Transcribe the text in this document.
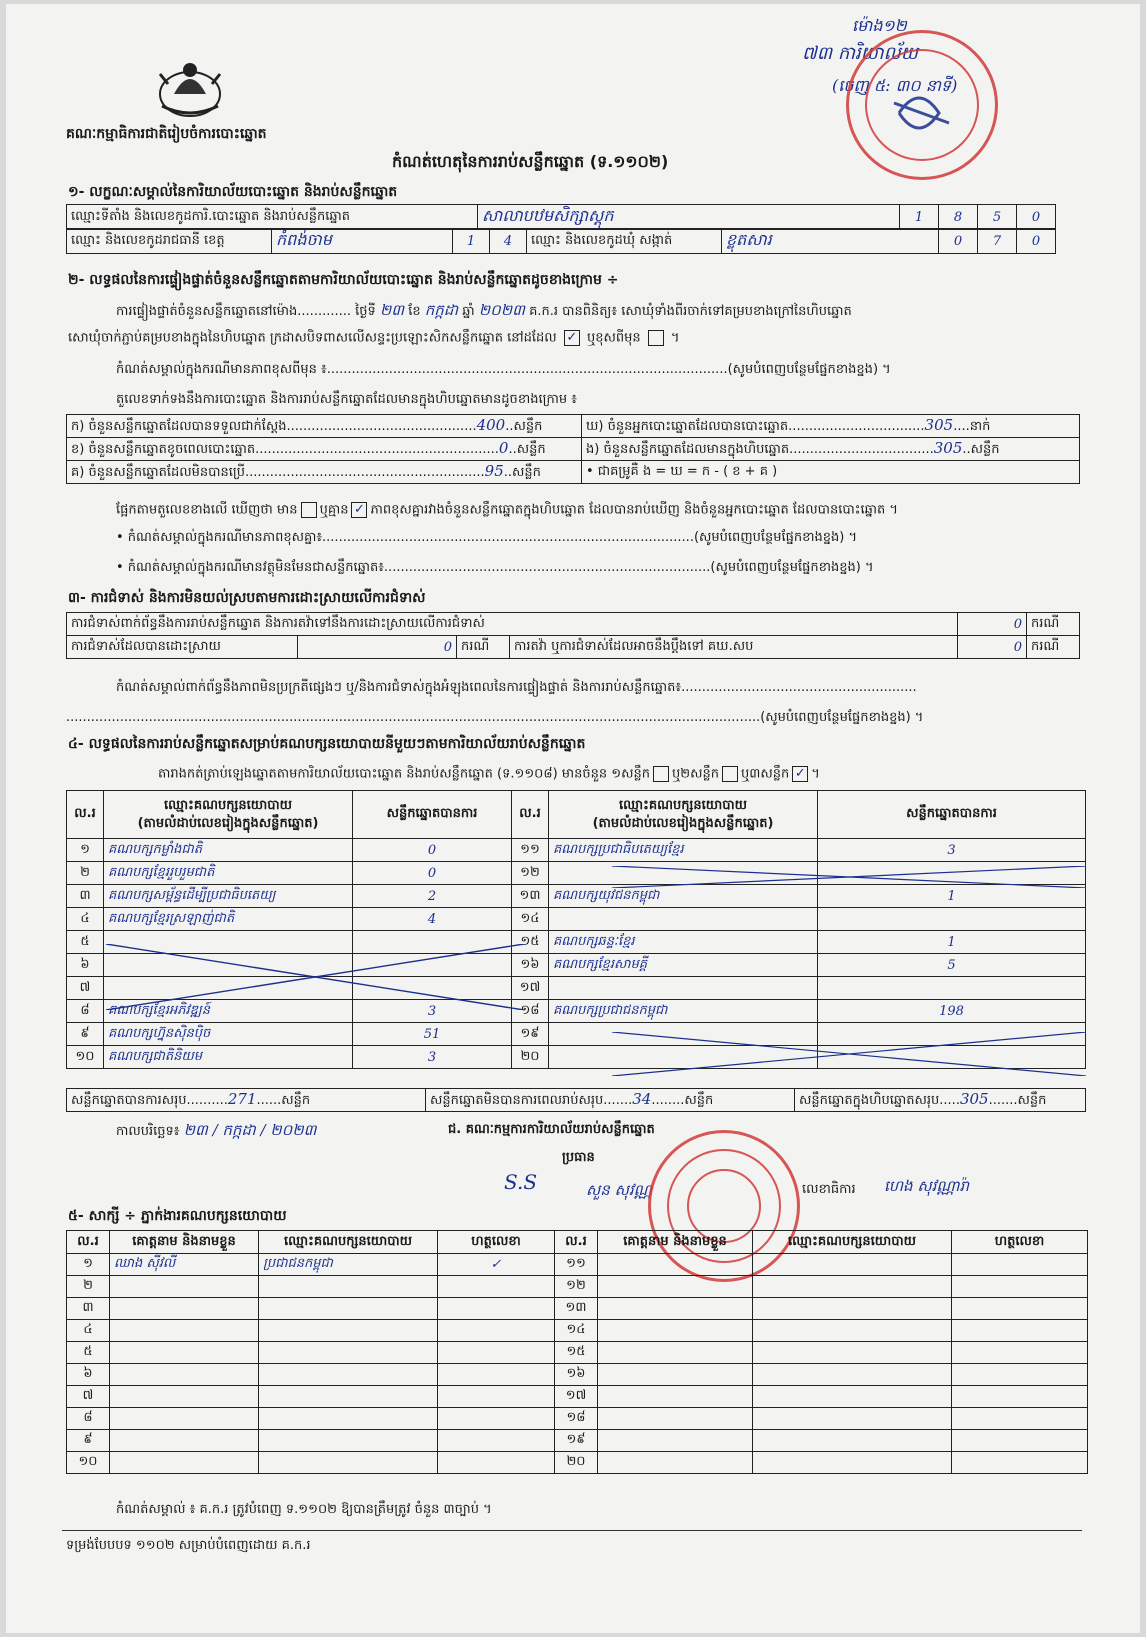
គណៈកម្មាធិការជាតិរៀបចំការបោះឆ្នោត
កំណត់ហេតុនៃការរាប់សន្លឹកឆ្នោត (ទ.១១០២)
ម៉ោង១២
៧៣ ការិយាល័យ
(ចេញ ៥: ៣០ នាទី)
១- លក្ខណៈសម្គាល់នៃការិយាល័យបោះឆ្នោត និងរាប់សន្លឹកឆ្នោត
ឈ្មោះទីតាំង និងលេខកូដការិ.បោះឆ្នោត និងរាប់សន្លឹកឆ្នោត	សាលាបឋមសិក្សាស្តុក	1	8	5	0
ឈ្មោះ និងលេខកូដរាជធានី ខេត្ត	កំពង់ចាម	1	4	ឈ្មោះ និងលេខកូដឃុំ សង្កាត់	ខ្លុតសារ	0	7	0
២- លទ្ធផលនៃការផ្ទៀងផ្ទាត់ចំនួនសន្លឹកឆ្នោតតាមការិយាល័យបោះឆ្នោត និងរាប់សន្លឹកឆ្នោតដូចខាងក្រោម ÷
ការផ្ទៀងផ្ទាត់ចំនួនសន្លឹកឆ្នោតនៅម៉ោង............. ថ្ងៃទី ២៣ ខែ កក្កដា ឆ្នាំ ២០២៣ គ.ក.រ បានពិនិត្យ៖ សោឃុំទាំងពីរចាក់ទៅគម្របខាងក្រៅនៃហិបឆ្នោត
សោឃុំចាក់ភ្ជាប់គម្របខាងក្នុងនៃហិបឆ្នោត ក្រដាសបិទពាសលើសន្ទះប្រឡោះសិកសន្លឹកឆ្នោត នៅដដែល ✓ ឬខុសពីមុន ។
កំណត់សម្គាល់ក្នុងករណីមានភាពខុសពីមុន ៖.................................................................................................(សូមបំពេញបន្ថែមផ្នែកខាងខ្នង) ។
តួលេខទាក់ទងនឹងការបោះឆ្នោត និងការរាប់សន្លឹកឆ្នោតដែលមានក្នុងហិបឆ្នោតមានដូចខាងក្រោម ៖
ក) ចំនួនសន្លឹកឆ្នោតដែលបានទទួលជាក់ស្តែង..............................................400..សន្លឹក	ឃ) ចំនួនអ្នកបោះឆ្នោតដែលបានបោះឆ្នោត.................................305....នាក់
ខ) ចំនួនសន្លឹកឆ្នោតខូចពេលបោះឆ្នោត...........................................................0..សន្លឹក	ង) ចំនួនសន្លឹកឆ្នោតដែលមានក្នុងហិបឆ្នោត...................................305..សន្លឹក
គ) ចំនួនសន្លឹកឆ្នោតដែលមិនបានប្រើ..........................................................95..សន្លឹក	• ជាគម្រូគឺ ង = ឃ = ក - ( ខ + គ )
ផ្អែកតាមតួលេខខាងលើ ឃើញថា មាន ឬគ្មាន ✓ ភាពខុសគ្នារវាងចំនួនសន្លឹកឆ្នោតក្នុងហិបឆ្នោត ដែលបានរាប់ឃើញ និងចំនួនអ្នកបោះឆ្នោត ដែលបានបោះឆ្នោត ។
• កំណត់សម្គាល់ក្នុងករណីមានភាពខុសគ្នា៖..........................................................................................(សូមបំពេញបន្ថែមផ្នែកខាងខ្នង) ។
• កំណត់សម្គាល់ក្នុងករណីមានវត្ថុមិនមែនជាសន្លឹកឆ្នោត៖...............................................................................(សូមបំពេញបន្ថែមផ្នែកខាងខ្នង) ។
៣- ការជំទាស់ និងការមិនយល់ស្របតាមការដោះស្រាយលើការជំទាស់
ការជំទាស់ពាក់ព័ន្ធនឹងការរាប់សន្លឹកឆ្នោត និងការតវ៉ាទៅនឹងការដោះស្រាយលើការជំទាស់				0	ករណី
ការជំទាស់ដែលបានដោះស្រាយ	0	ករណី	ការតវ៉ា ឬការជំទាស់ដែលអាចនឹងប្តឹងទៅ គឃ.សប	0	ករណី
កំណត់សម្គាល់ពាក់ព័ន្ធនឹងភាពមិនប្រក្រតីផ្សេងៗ ឬ/និងការជំទាស់ក្នុងអំឡុងពេលនៃការផ្ទៀងផ្ទាត់ និងការរាប់សន្លឹកឆ្នោត៖.........................................................
........................................................................................................................................................................(សូមបំពេញបន្ថែមផ្នែកខាងខ្នង) ។
៤- លទ្ធផលនៃការរាប់សន្លឹកឆ្នោតសម្រាប់គណបក្សនយោបាយនីមួយៗតាមការិយាល័យរាប់សន្លឹកឆ្នោត
តារាងកត់ត្រាប់ឡេងឆ្នោតតាមការិយាល័យបោះឆ្នោត និងរាប់សន្លឹកឆ្នោត (ទ.១១០៨) មានចំនួន ១សន្លឹក ឬ២សន្លឹក ឬ៣សន្លឹក ✓ ។
ល.រ	ឈ្មោះគណបក្សនយោបាយ
(តាមលំដាប់លេខរៀងក្នុងសន្លឹកឆ្នោត)	សន្លឹកឆ្នោតបានការ	ល.រ	ឈ្មោះគណបក្សនយោបាយ
(តាមលំដាប់លេខរៀងក្នុងសន្លឹកឆ្នោត)	សន្លឹកឆ្នោតបានការ
១	គណបក្សកម្លាំងជាតិ	0	១១	គណបក្សប្រជាធិបតេយ្យខ្មែរ	3
២	គណបក្សខ្មែររួបរួមជាតិ	0	១២		
៣	គណបក្សសម្ព័ន្ធដើម្បីប្រជាធិបតេយ្យ	2	១៣	គណបក្សយុវជនកម្ពុជា	1
៤	គណបក្សខ្មែរស្រឡាញ់ជាតិ	4	១៤		
៥			១៥	គណបក្សឆន្ទៈខ្មែរ	1
៦			១៦	គណបក្សខ្មែរសាមគ្គី	5
៧			១៧		
៨	គណបក្សខ្មែរអភិវឌ្ឍន៍	3	១៨	គណបក្សប្រជាជនកម្ពុជា	198
៩	គណបក្សហ្វ៊ុនស៊ិនប៉ិច	51	១៩		
១០	គណបក្សជាតិនិយម	3	២០		
សន្លឹកឆ្នោតបានការសរុប..........271......សន្លឹក	សន្លឹកឆ្នោតមិនបានការពេលរាប់សរុប.......34........សន្លឹក	សន្លឹកឆ្នោតក្នុងហិបឆ្នោតសរុប.....305.......សន្លឹក
កាលបរិច្ឆេទ៖ ២៣ / កក្កដា / ២០២៣	ជ. គណៈកម្មការការិយាល័យរាប់សន្លឹកឆ្នោត
ប្រធាន
S.S	សួន សុវណ្ណ	លេខាធិការ ហេង សុវណ្ណារ៉ា
៥- សាក្សី ÷ ភ្នាក់ងារគណបក្សនយោបាយ
ល.រ	គោត្តនាម និងនាមខ្លួន	ឈ្មោះគណបក្សនយោបាយ	ហត្ថលេខា	ល.រ	គោត្តនាម និងនាមខ្លួន	ឈ្មោះគណបក្សនយោបាយ	ហត្ថលេខា
១	ឈាង ស៊ីវលី	ប្រជាជនកម្ពុជា	✓	១១			
២				១២			
៣				១៣			
៤				១៤			
៥				១៥			
៦				១៦			
៧				១៧			
៨				១៨			
៩				១៩			
១០				២០			
កំណត់សម្គាល់ ៖ គ.ក.រ ត្រូវបំពេញ ទ.១១០២ ឱ្យបានត្រឹមត្រូវ ចំនួន ៣ច្បាប់ ។
ទម្រង់បែបបទ ១១០២ សម្រាប់បំពេញដោយ គ.ក.រ
